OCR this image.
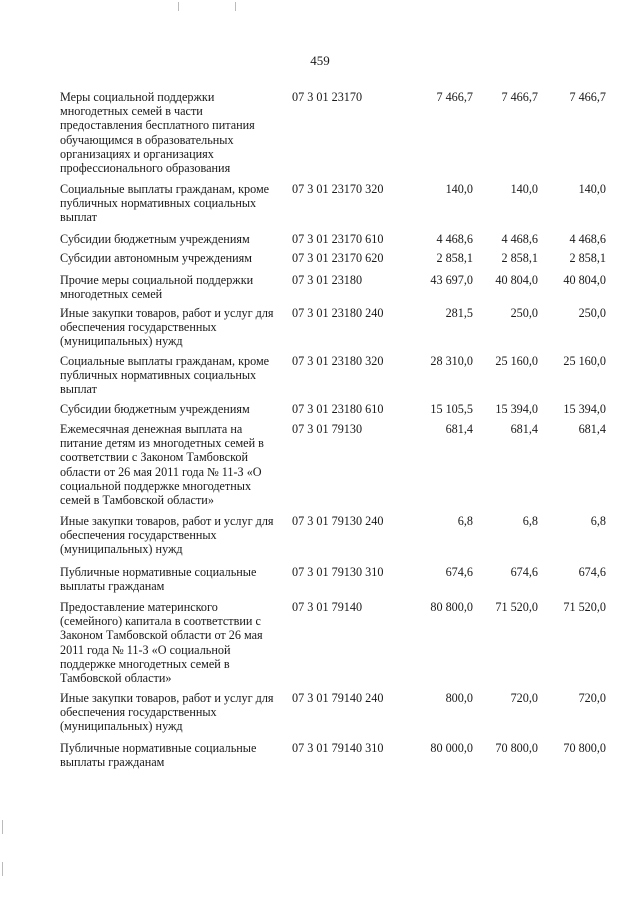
459
Меры социальной поддержки
многодетных семей в части
предоставления бесплатного питания
обучающимся в образовательных
организациях и организациях
профессионального образования
07 3 01 23170	7 466,7	7 466,7	7 466,7
Социальные выплаты гражданам, кроме
публичных нормативных социальных
выплат
07 3 01 23170 320	140,0	140,0	140,0
Субсидии бюджетным учреждениям	07 3 01 23170 610	4 468,6	4 468,6	4 468,6
Субсидии автономным учреждениям	07 3 01 23170 620	2 858,1	2 858,1	2 858,1
Прочие меры социальной поддержки
многодетных семей
07 3 01 23180	43 697,0	40 804,0	40 804,0
Иные закупки товаров, работ и услуг для
обеспечения государственных
(муниципальных) нужд
07 3 01 23180 240	281,5	250,0	250,0
Социальные выплаты гражданам, кроме
публичных нормативных социальных
выплат
07 3 01 23180 320	28 310,0	25 160,0	25 160,0
Субсидии бюджетным учреждениям	07 3 01 23180 610	15 105,5	15 394,0	15 394,0
Ежемесячная денежная выплата на
питание детям из многодетных семей в
соответствии с Законом Тамбовской
области от 26 мая 2011 года № 11-З «О
социальной поддержке многодетных
семей в Тамбовской области»
07 3 01 79130	681,4	681,4	681,4
Иные закупки товаров, работ и услуг для
обеспечения государственных
(муниципальных) нужд
07 3 01 79130 240	6,8	6,8	6,8
Публичные нормативные социальные
выплаты гражданам
07 3 01 79130 310	674,6	674,6	674,6
Предоставление материнского
(семейного) капитала в соответствии с
Законом Тамбовской области от 26 мая
2011 года № 11-З «О социальной
поддержке многодетных семей в
Тамбовской области»
07 3 01 79140	80 800,0	71 520,0	71 520,0
Иные закупки товаров, работ и услуг для
обеспечения государственных
(муниципальных) нужд
07 3 01 79140 240	800,0	720,0	720,0
Публичные нормативные социальные
выплаты гражданам
07 3 01 79140 310	80 000,0	70 800,0	70 800,0
